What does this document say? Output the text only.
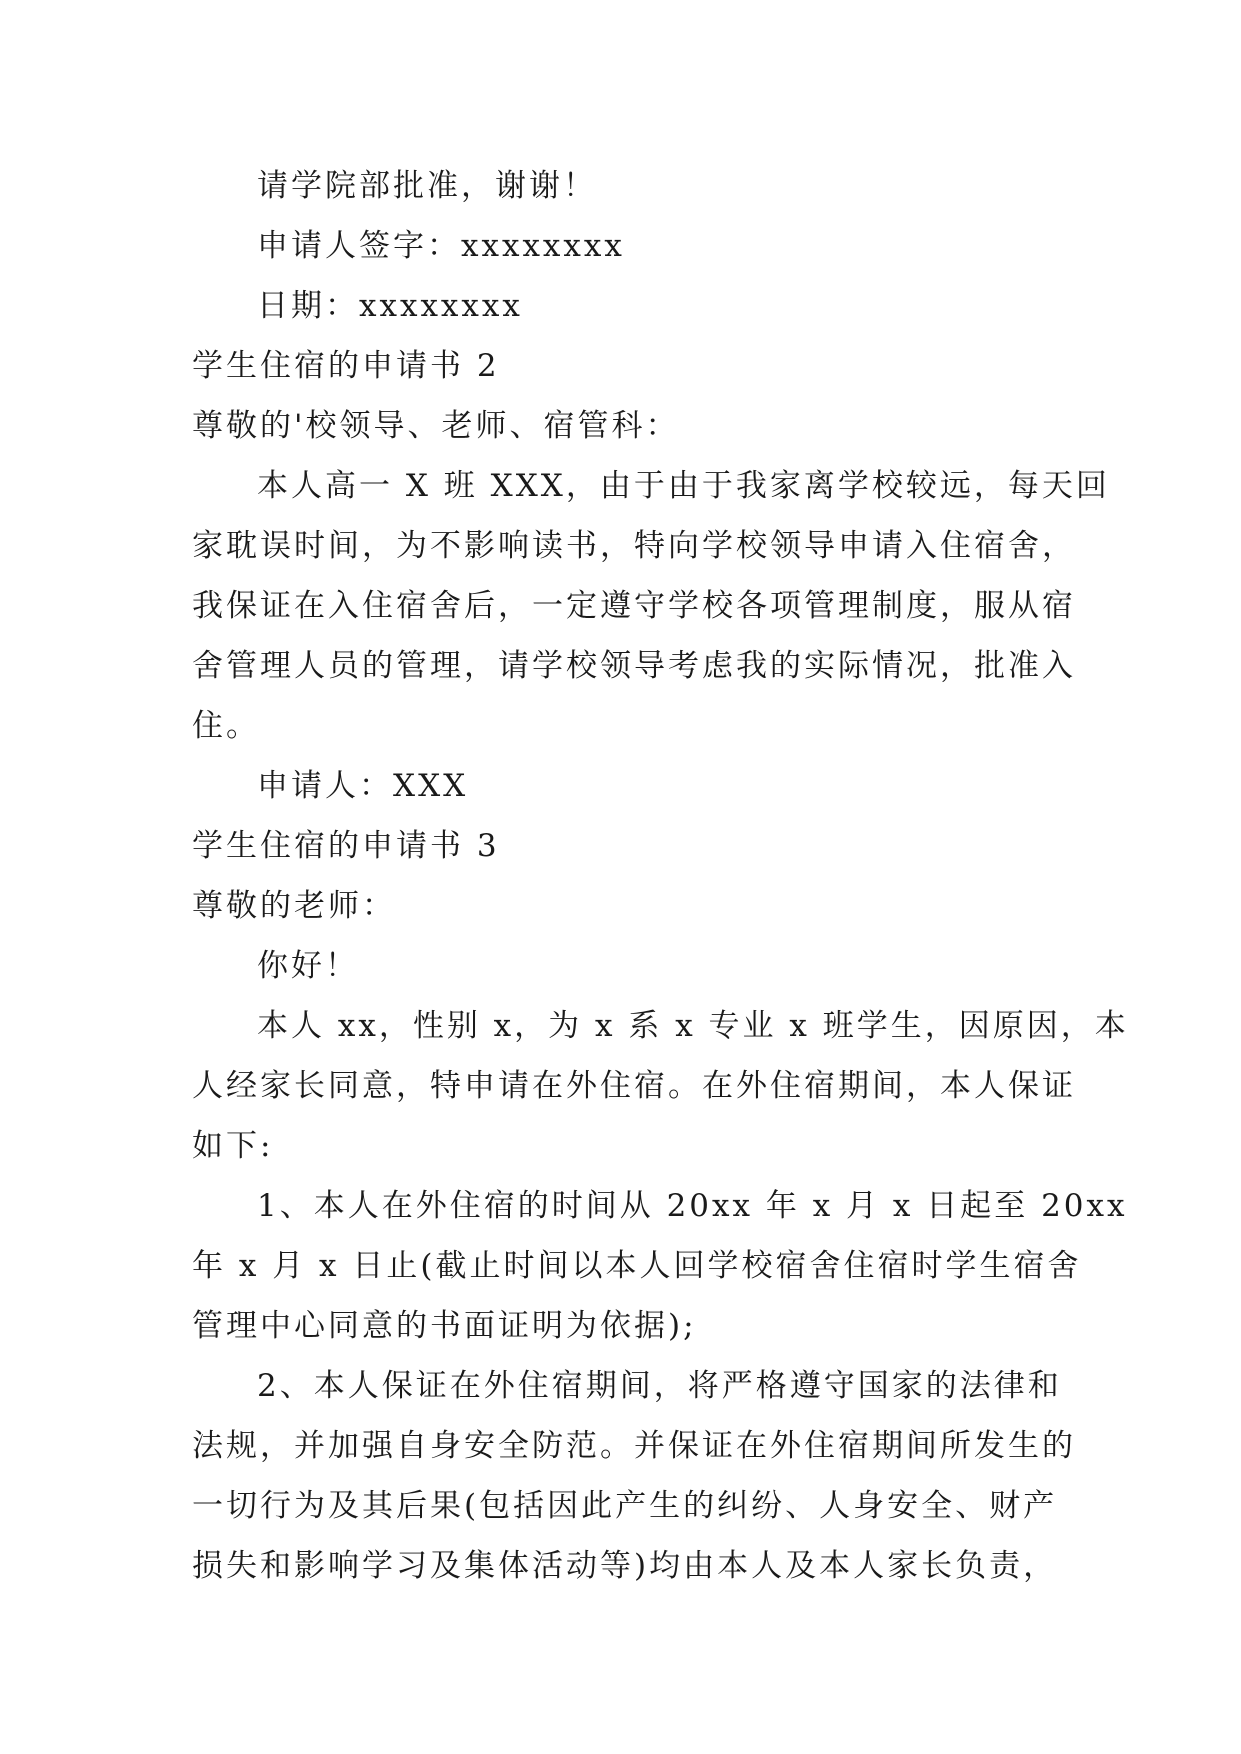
请学院部批准，谢谢！
申请人签字：xxxxxxxx
日期：xxxxxxxx
学生住宿的申请书 2
尊敬的'校领导、老师、宿管科：
本人高一 X 班 XXX，由于由于我家离学校较远，每天回
家耽误时间，为不影响读书，特向学校领导申请入住宿舍，
我保证在入住宿舍后，一定遵守学校各项管理制度，服从宿
舍管理人员的管理，请学校领导考虑我的实际情况，批准入
住。
申请人：XXX
学生住宿的申请书 3
尊敬的老师：
你好！
本人 xx，性别 x，为 x 系 x 专业 x 班学生，因原因，本
人经家长同意，特申请在外住宿。在外住宿期间，本人保证
如下:
1、本人在外住宿的时间从 20xx 年 x 月 x 日起至 20xx
年 x 月 x 日止(截止时间以本人回学校宿舍住宿时学生宿舍
管理中心同意的书面证明为依据);
2、本人保证在外住宿期间，将严格遵守国家的法律和
法规，并加强自身安全防范。并保证在外住宿期间所发生的
一切行为及其后果(包括因此产生的纠纷、人身安全、财产
损失和影响学习及集体活动等)均由本人及本人家长负责，
